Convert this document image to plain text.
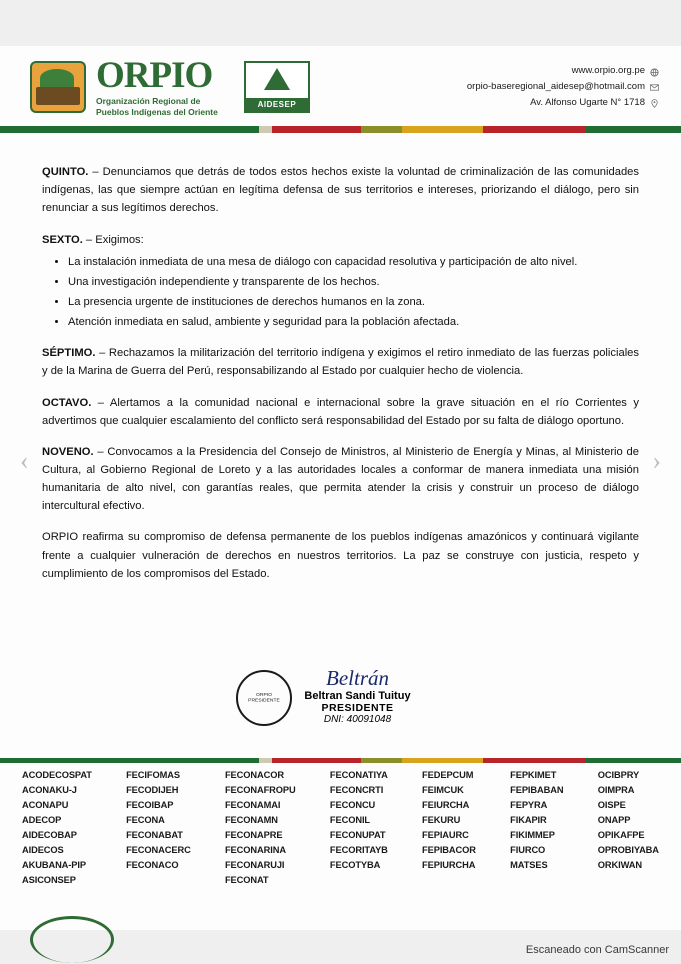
ORPIO
Organización Regional de
Pueblos Indígenas del Oriente
AIDESEP
www.orpio.org.pe
orpio-baseregional_aidesep@hotmail.com
Av. Alfonso Ugarte N° 1718

QUINTO. – Denunciamos que detrás de todos estos hechos existe la voluntad de criminalización de las comunidades indígenas, las que siempre actúan en legítima defensa de sus territorios e intereses, priorizando el diálogo, pero sin renunciar a sus legítimos derechos.

SEXTO. – Exigimos:

• La instalación inmediata de una mesa de diálogo con capacidad resolutiva y participación de alto nivel.
• Una investigación independiente y transparente de los hechos.
• La presencia urgente de instituciones de derechos humanos en la zona.
• Atención inmediata en salud, ambiente y seguridad para la población afectada.

SÉPTIMO. – Rechazamos la militarización del territorio indígena y exigimos el retiro inmediato de las fuerzas policiales y de la Marina de Guerra del Perú, responsabilizando al Estado por cualquier hecho de violencia.

OCTAVO. – Alertamos a la comunidad nacional e internacional sobre la grave situación en el río Corrientes y advertimos que cualquier escalamiento del conflicto será responsabilidad del Estado por su falta de diálogo oportuno.

NOVENO. – Convocamos a la Presidencia del Consejo de Ministros, al Ministerio de Energía y Minas, al Ministerio de Cultura, al Gobierno Regional de Loreto y a las autoridades locales a conformar de manera inmediata una misión humanitaria de alto nivel, con garantías reales, que permita atender la crisis y construir un proceso de diálogo intercultural efectivo.

ORPIO reafirma su compromiso de defensa permanente de los pueblos indígenas amazónicos y continuará vigilante frente a cualquier vulneración de derechos en nuestros territorios. La paz se construye con justicia, respeto y cumplimiento de los compromisos del Estado.

ORPIO PRESIDENTE
Beltrán
Beltran Sandi Tuituy
PRESIDENTE
DNI: 40091048
ACODECOSPAT
ACONAKU-J
ACONAPU
ADECOP
AIDECOBAP
AIDECOS
AKUBANA-PIP
ASICONSEP
FECIFOMAS
FECODIJEH
FECOIBAP
FECONA
FECONABAT
FECONACERC
FECONACO
FECONACOR
FECONAFROPU
FECONAMAI
FECONAMN
FECONAPRE
FECONARINA
FECONARUJI
FECONAT
FECONATIYA
FECONCRTI
FECONCU
FECONIL
FECONUPAT
FECORITAYB
FECOTYBA
FEDEPCUM
FEIMCUK
FEIURCHA
FEKURU
FEPIAURC
FEPIBACOR
FEPIURCHA
FEPKIMET
FEPIBABAN
FEPYRA
FIKAPIR
FIKIMMEP
FIURCO
MATSES
OCIBPRY
OIMPRA
OISPE
ONAPP
OPIKAFPE
OPROBIYABA
ORKIWAN
‹	›
Escaneado con CamScanner
